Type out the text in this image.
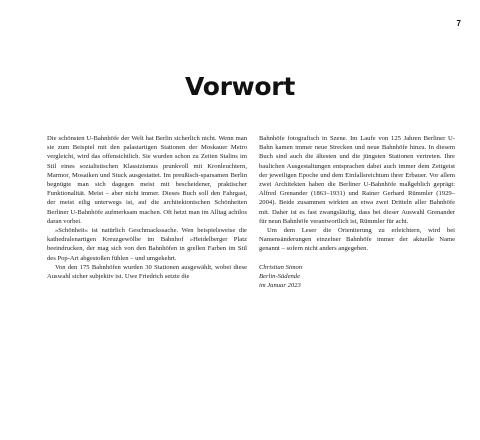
7
Vorwort

Die schönsten U-Bahnhöfe der Welt hat Berlin sicherlich nicht. Wenn man sie zum Beispiel mit den palastartigen Stationen der Moskauer Metro vergleicht, wird das offensichtlich. Sie wurden schon zu Zeiten Stalins im Stil eines sozialistischen Klassizismus prunkvoll mit Kronleuchtern, Marmor, Mosaiken und Stuck ausgestattet. Im preußisch-sparsamen Berlin begnügte man sich dagegen meist mit bescheidener, praktischer Funktionalität. Meist – aber nicht immer. Dieses Buch soll den Fahrgast, der meist eilig unterwegs ist, auf die architektonischen Schönheiten Berliner U-Bahnhöfe aufmerksam machen. Oft hetzt man im Alltag achtlos daran vorbei.

»Schönheit« ist natürlich Geschmackssache. Wen beispielsweise die kathedralenartigen Kreuzgewölbe im Bahnhof »Heidelberger Platz beeindrucken, der mag sich von den Bahnhöfen in grellen Farben im Stil des Pop-Art abgestoßen fühlen – und umgekehrt.

Von den 175 Bahnhöfen wurden 30 Stationen ausgewählt, wobei diese Auswahl sicher subjektiv ist. Uwe Friedrich setzte die

Bahnhöfe fotografisch in Szene. Im Laufe von 125 Jahren Berliner U-Bahn kamen immer neue Strecken und neue Bahnhöfe hinzu. In diesem Buch sind auch die ältesten und die jüngsten Stationen vertreten. Ihre baulichen Ausgestaltungen entsprachen dabei auch immer dem Zeitgeist der jeweiligen Epoche und dem Einfallsreichtum ihrer Erbauer. Vor allem zwei Architekten haben die Berliner U-Bahnhöfe maßgeblich geprägt: Alfred Grenander (1863–1931) und Rainer Gerhard Rümmler (1929–2004). Beide zusammen wirkten an etwa zwei Dritteln aller Bahnhöfe mit. Daher ist es fast zwangsläufig, dass bei dieser Auswahl Grenander für neun Bahnhöfe verantwortlich ist, Rümmler für acht.

Um dem Leser die Orientierung zu erleichtern, wird bei Namensänderungen einzelner Bahnhöfe immer der aktuelle Name genannt – sofern nicht anders angegeben.

Christian Simon
Berlin-Südende
im Januar 2023
